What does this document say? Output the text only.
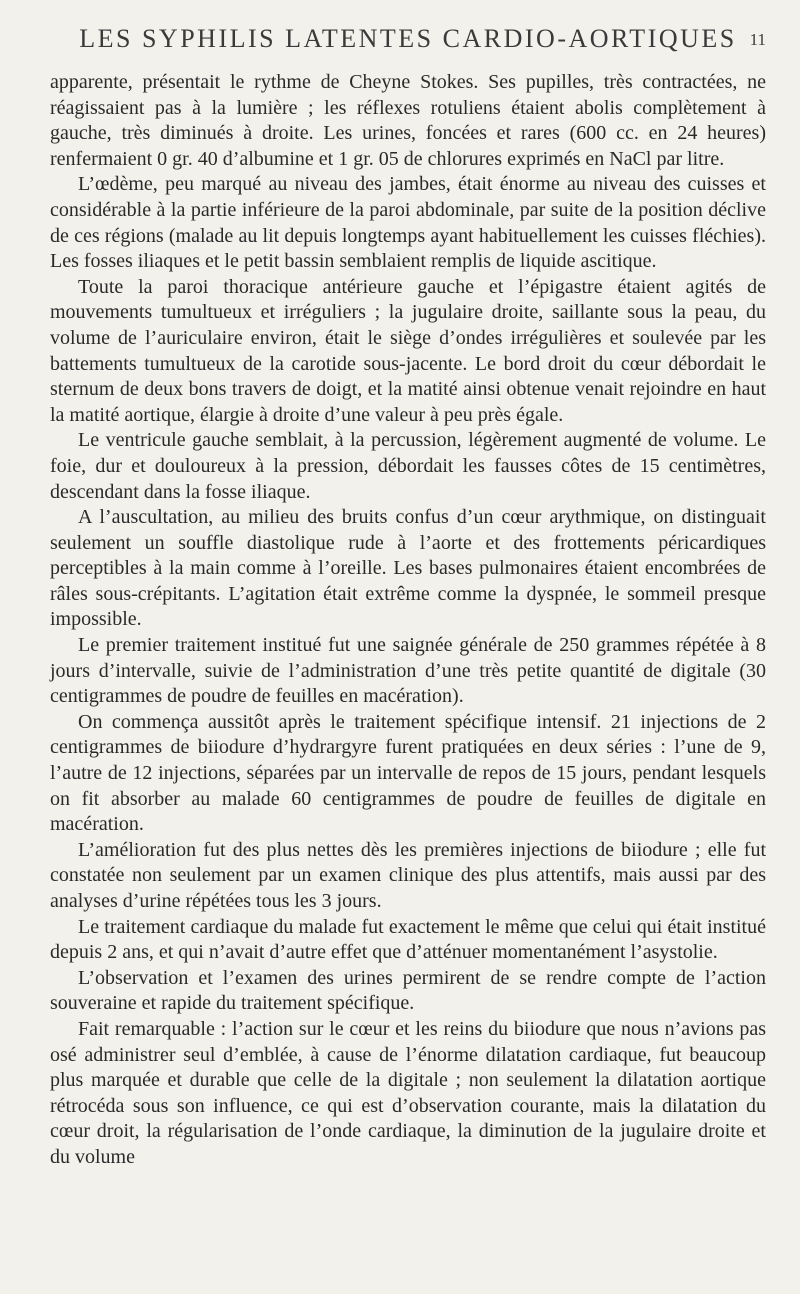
LES SYPHILIS LATENTES CARDIO-AORTIQUES 11

apparente, présentait le rythme de Cheyne Stokes. Ses pupilles, très contractées, ne réagissaient pas à la lumière ; les réflexes rotuliens étaient abolis complètement à gauche, très diminués à droite. Les urines, foncées et rares (600 cc. en 24 heures) renfermaient 0 gr. 40 d’albumine et 1 gr. 05 de chlorures exprimés en NaCl par litre.

L’œdème, peu marqué au niveau des jambes, était énorme au niveau des cuisses et considérable à la partie inférieure de la paroi abdominale, par suite de la position déclive de ces régions (malade au lit depuis longtemps ayant habituellement les cuisses fléchies). Les fosses iliaques et le petit bassin semblaient remplis de liquide ascitique.

Toute la paroi thoracique antérieure gauche et l’épigastre étaient agités de mouvements tumultueux et irréguliers ; la jugulaire droite, saillante sous la peau, du volume de l’auriculaire environ, était le siège d’ondes irrégulières et soulevée par les battements tumultueux de la carotide sous-jacente. Le bord droit du cœur débordait le sternum de deux bons travers de doigt, et la matité ainsi obtenue venait rejoindre en haut la matité aortique, élargie à droite d’une valeur à peu près égale.

Le ventricule gauche semblait, à la percussion, légèrement augmenté de volume. Le foie, dur et douloureux à la pression, débordait les fausses côtes de 15 centimètres, descendant dans la fosse iliaque.

A l’auscultation, au milieu des bruits confus d’un cœur arythmique, on distinguait seulement un souffle diastolique rude à l’aorte et des frottements péricardiques perceptibles à la main comme à l’oreille. Les bases pulmonaires étaient encombrées de râles sous-crépitants. L’agitation était extrême comme la dyspnée, le sommeil presque impossible.

Le premier traitement institué fut une saignée générale de 250 grammes répétée à 8 jours d’intervalle, suivie de l’administration d’une très petite quantité de digitale (30 centigrammes de poudre de feuilles en macération).

On commença aussitôt après le traitement spécifique intensif. 21 injections de 2 centigrammes de biiodure d’hydrargyre furent pratiquées en deux séries : l’une de 9, l’autre de 12 injections, séparées par un intervalle de repos de 15 jours, pendant lesquels on fit absorber au malade 60 centigrammes de poudre de feuilles de digitale en macération.

L’amélioration fut des plus nettes dès les premières injections de biiodure ; elle fut constatée non seulement par un examen clinique des plus attentifs, mais aussi par des analyses d’urine répétées tous les 3 jours.

Le traitement cardiaque du malade fut exactement le même que celui qui était institué depuis 2 ans, et qui n’avait d’autre effet que d’atténuer momentanément l’asystolie.

L’observation et l’examen des urines permirent de se rendre compte de l’action souveraine et rapide du traitement spécifique.

Fait remarquable : l’action sur le cœur et les reins du biiodure que nous n’avions pas osé administrer seul d’emblée, à cause de l’énorme dilatation cardiaque, fut beaucoup plus marquée et durable que celle de la digitale ; non seulement la dilatation aortique rétrocéda sous son influence, ce qui est d’observation courante, mais la dilatation du cœur droit, la régularisation de l’onde cardiaque, la diminution de la jugulaire droite et du volume
